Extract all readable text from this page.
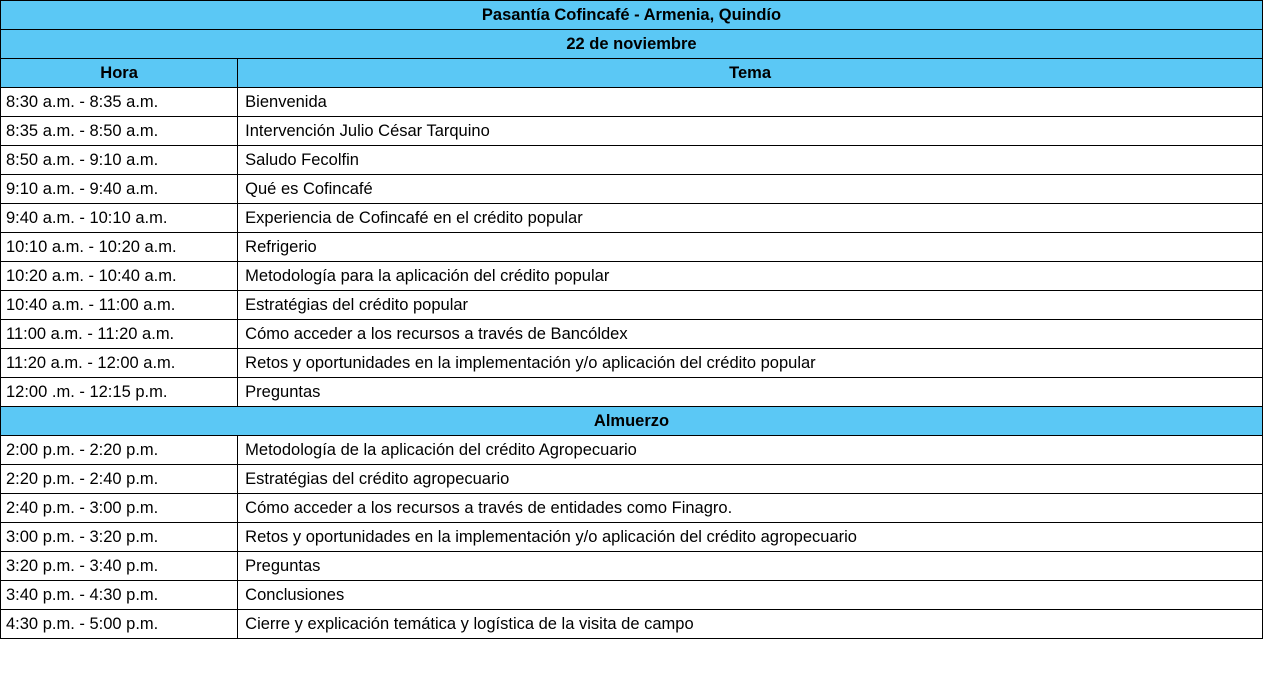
Pasantía Cofincafé - Armenia, Quindío	
22 de noviembre	
Hora	Tema
8:30 a.m. - 8:35 a.m.	Bienvenida
8:35 a.m. - 8:50 a.m.	Intervención Julio César Tarquino
8:50 a.m. - 9:10 a.m.	Saludo Fecolfin
9:10 a.m. - 9:40 a.m.	Qué es Cofincafé
9:40 a.m. - 10:10 a.m.	Experiencia de Cofincafé en el crédito popular
10:10 a.m. - 10:20 a.m.	Refrigerio
10:20 a.m. - 10:40 a.m.	Metodología para la aplicación del crédito popular
10:40 a.m. - 11:00 a.m.	Estratégias del crédito popular
11:00 a.m. - 11:20 a.m.	Cómo acceder a los recursos a través de Bancóldex
11:20 a.m. - 12:00 a.m.	Retos y oportunidades en la implementación y/o aplicación del crédito popular
12:00 .m. - 12:15 p.m.	Preguntas
Almuerzo	
2:00 p.m. - 2:20 p.m.	Metodología de la aplicación del crédito Agropecuario
2:20 p.m. - 2:40 p.m.	Estratégias del crédito agropecuario
2:40 p.m. - 3:00 p.m.	Cómo acceder a los recursos a través de entidades como Finagro.
3:00 p.m. - 3:20 p.m.	Retos y oportunidades en la implementación y/o aplicación del crédito agropecuario
3:20 p.m. - 3:40 p.m.	Preguntas
3:40 p.m. - 4:30 p.m.	Conclusiones
4:30 p.m. - 5:00 p.m.	Cierre y explicación temática y logística de la visita de campo
